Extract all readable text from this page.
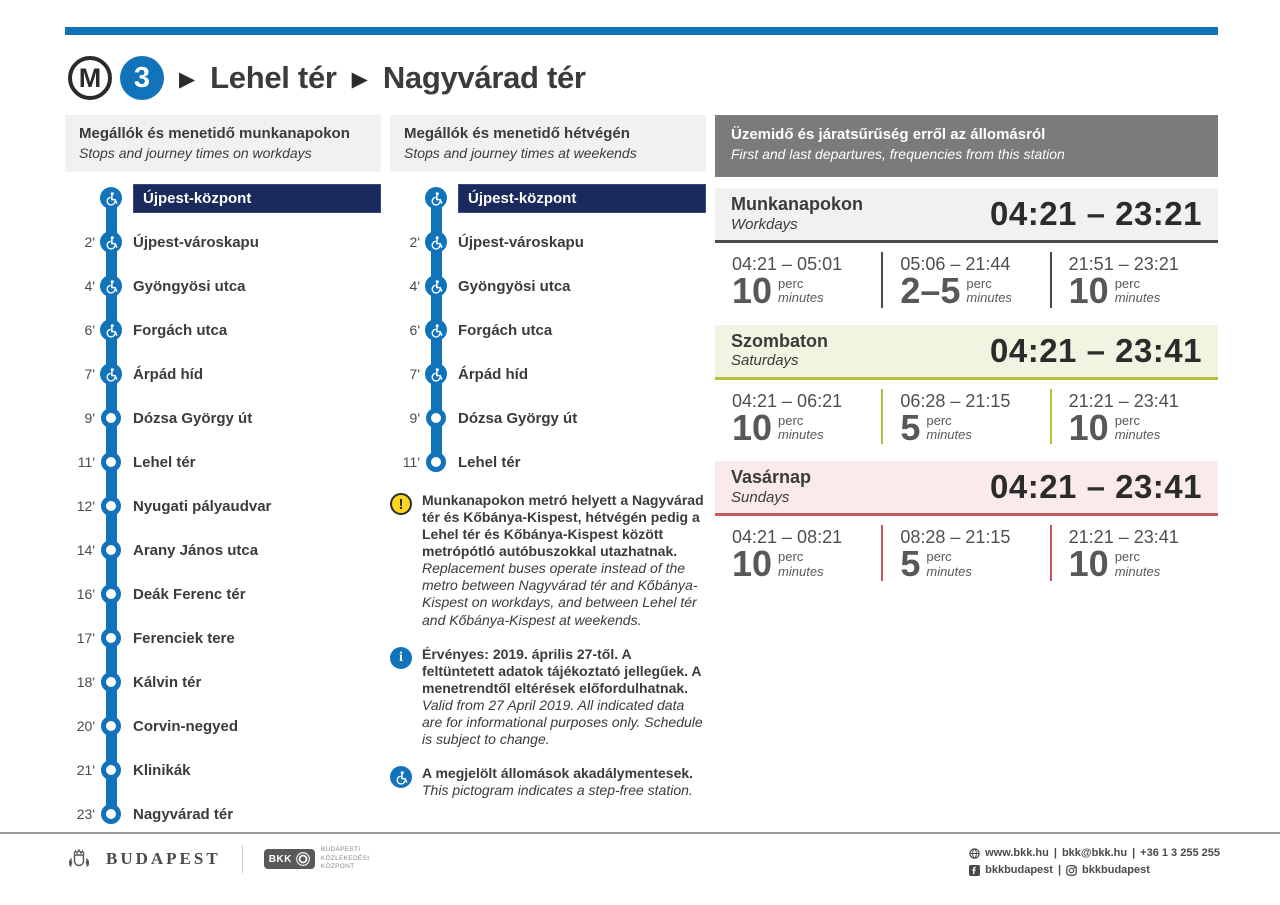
M	3	▶ Lehel tér ▶ Nagyvárad tér
Megállók és menetidő munkanapokon
Stops and journey times on workdays
Újpest-központ
2'	Újpest-városkapu
4'	Gyöngyösi utca
6'	Forgách utca
7'	Árpád híd
9'	Dózsa György út
11'	Lehel tér
12'	Nyugati pályaudvar
14'	Arany János utca
16'	Deák Ferenc tér
17'	Ferenciek tere
18'	Kálvin tér
20'	Corvin-negyed
21'	Klinikák
23'	Nagyvárad tér
Megállók és menetidő hétvégén
Stops and journey times at weekends
Újpest-központ
2'	Újpest-városkapu
4'	Gyöngyösi utca
6'	Forgách utca
7'	Árpád híd
9'	Dózsa György út
11'	Lehel tér
!	Munkanapokon metró helyett a Nagyvárad tér és Kőbánya-Kispest, hétvégén pedig a Lehel tér és Kőbánya-Kispest között metrópótló autóbuszokkal utazhatnak.
Replacement buses operate instead of the metro between Nagyvárad tér and Kőbánya-Kispest on workdays, and between Lehel tér and Kőbánya-Kispest at weekends.
i	Érvényes: 2019. április 27-től. A feltüntetett adatok tájékoztató jellegűek. A menetrendtől eltérések előfordulhatnak.
Valid from 27 April 2019. All indicated data are for informational purposes only. Schedule is subject to change.
A megjelölt állomások akadálymentesek.
This pictogram indicates a step-free station.
Üzemidő és járatsűrűség erről az állomásról
First and last departures, frequencies from this station
Munkanapokon
Workdays	04:21 – 23:21
04:21 – 05:01
10 perc
minutes
05:06 – 21:44
2–5 perc
minutes
21:51 – 23:21
10 perc
minutes
Szombaton
Saturdays	04:21 – 23:41
04:21 – 06:21
10 perc
minutes
06:28 – 21:15
5 perc
minutes
21:21 – 23:41
10 perc
minutes
Vasárnap
Sundays	04:21 – 23:41
04:21 – 08:21
10 perc
minutes
08:28 – 21:15
5 perc
minutes
21:21 – 23:41
10 perc
minutes
BUDAPEST	BKK
BUDAPESTI
KÖZLEKEDÉSI
KÖZPONT
www.bkk.hu | bkk@bkk.hu | +36 1 3 255 255
bkkbudapest | bkkbudapest
